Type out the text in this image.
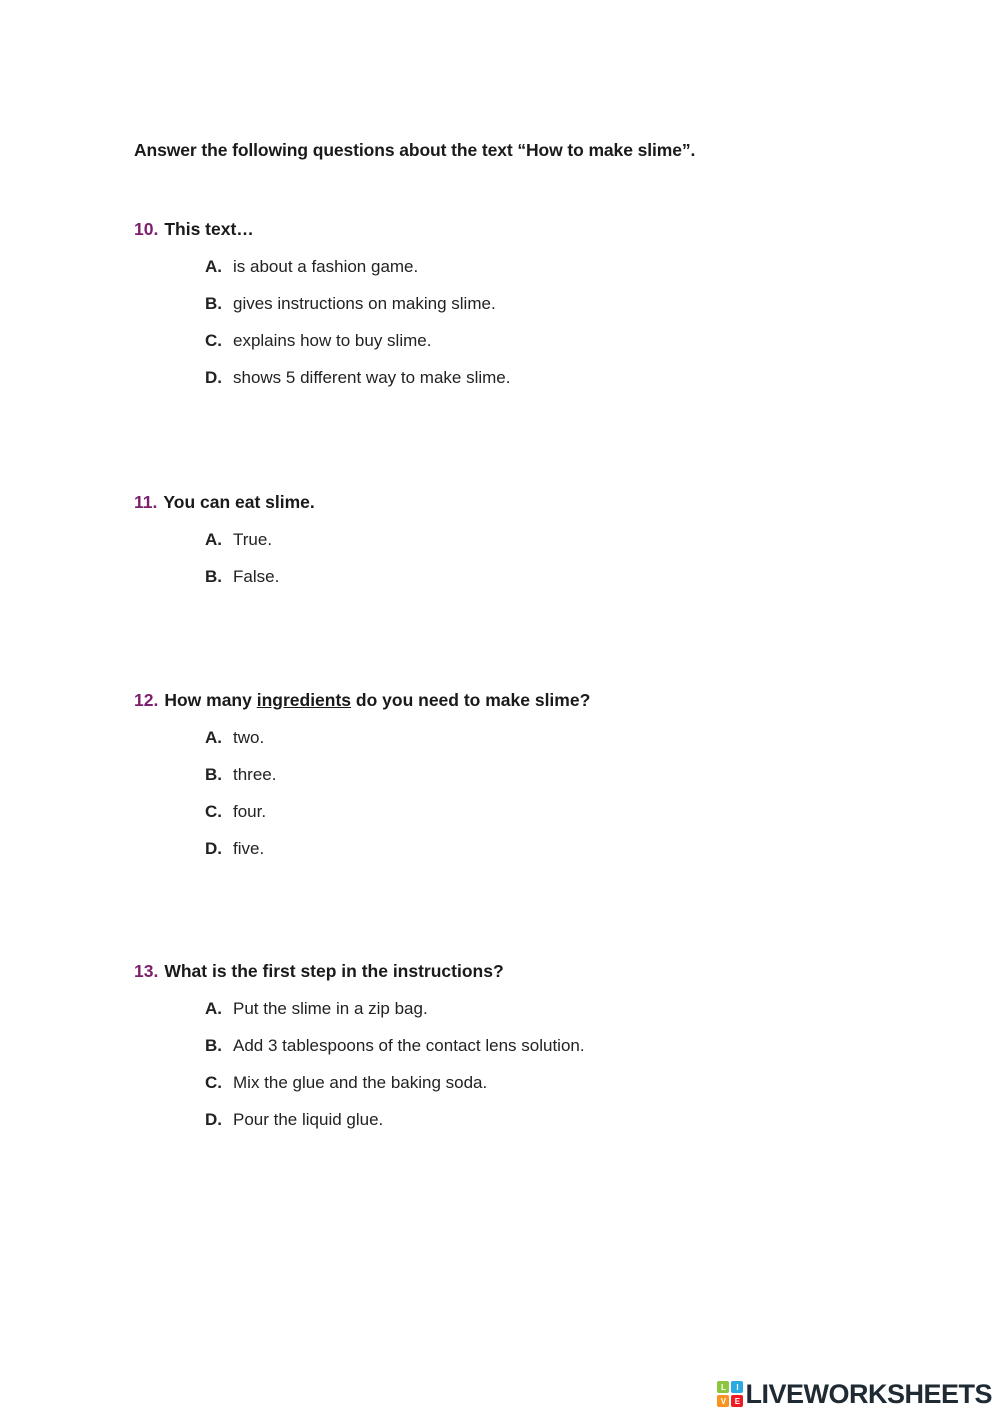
Answer the following questions about the text “How to make slime”.
10. This text…
A. is about a fashion game.
B. gives instructions on making slime.
C. explains how to buy slime.
D. shows 5 different way to make slime.
11. You can eat slime.
A. True.
B. False.
12. How many ingredients do you need to make slime?
A. two.
B. three.
C. four.
D. five.
13. What is the first step in the instructions?
A. Put the slime in a zip bag.
B. Add 3 tablespoons of the contact lens solution.
C. Mix the glue and the baking soda.
D. Pour the liquid glue.
L	I
V	E LIVEWORKSHEETS
